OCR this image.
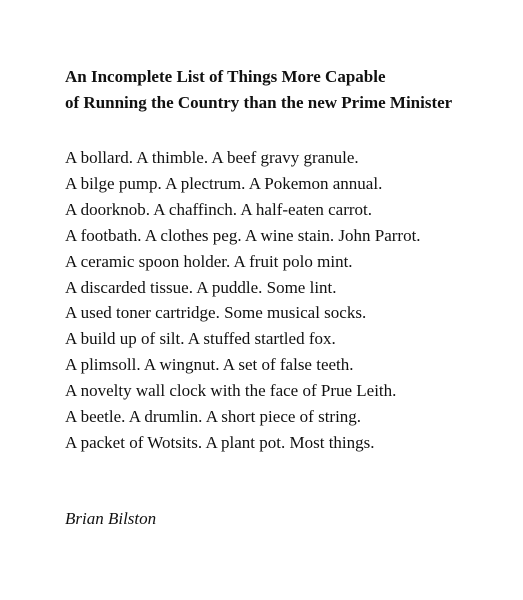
An Incomplete List of Things More Capable
of Running the Country than the new Prime Minister
A bollard. A thimble. A beef gravy granule.
A bilge pump. A plectrum. A Pokemon annual.
A doorknob. A chaffinch. A half-eaten carrot.
A footbath. A clothes peg. A wine stain. John Parrot.
A ceramic spoon holder. A fruit polo mint.
A discarded tissue. A puddle. Some lint.
A used toner cartridge. Some musical socks.
A build up of silt. A stuffed startled fox.
A plimsoll. A wingnut. A set of false teeth.
A novelty wall clock with the face of Prue Leith.
A beetle. A drumlin. A short piece of string.
A packet of Wotsits. A plant pot. Most things.

Brian Bilston
